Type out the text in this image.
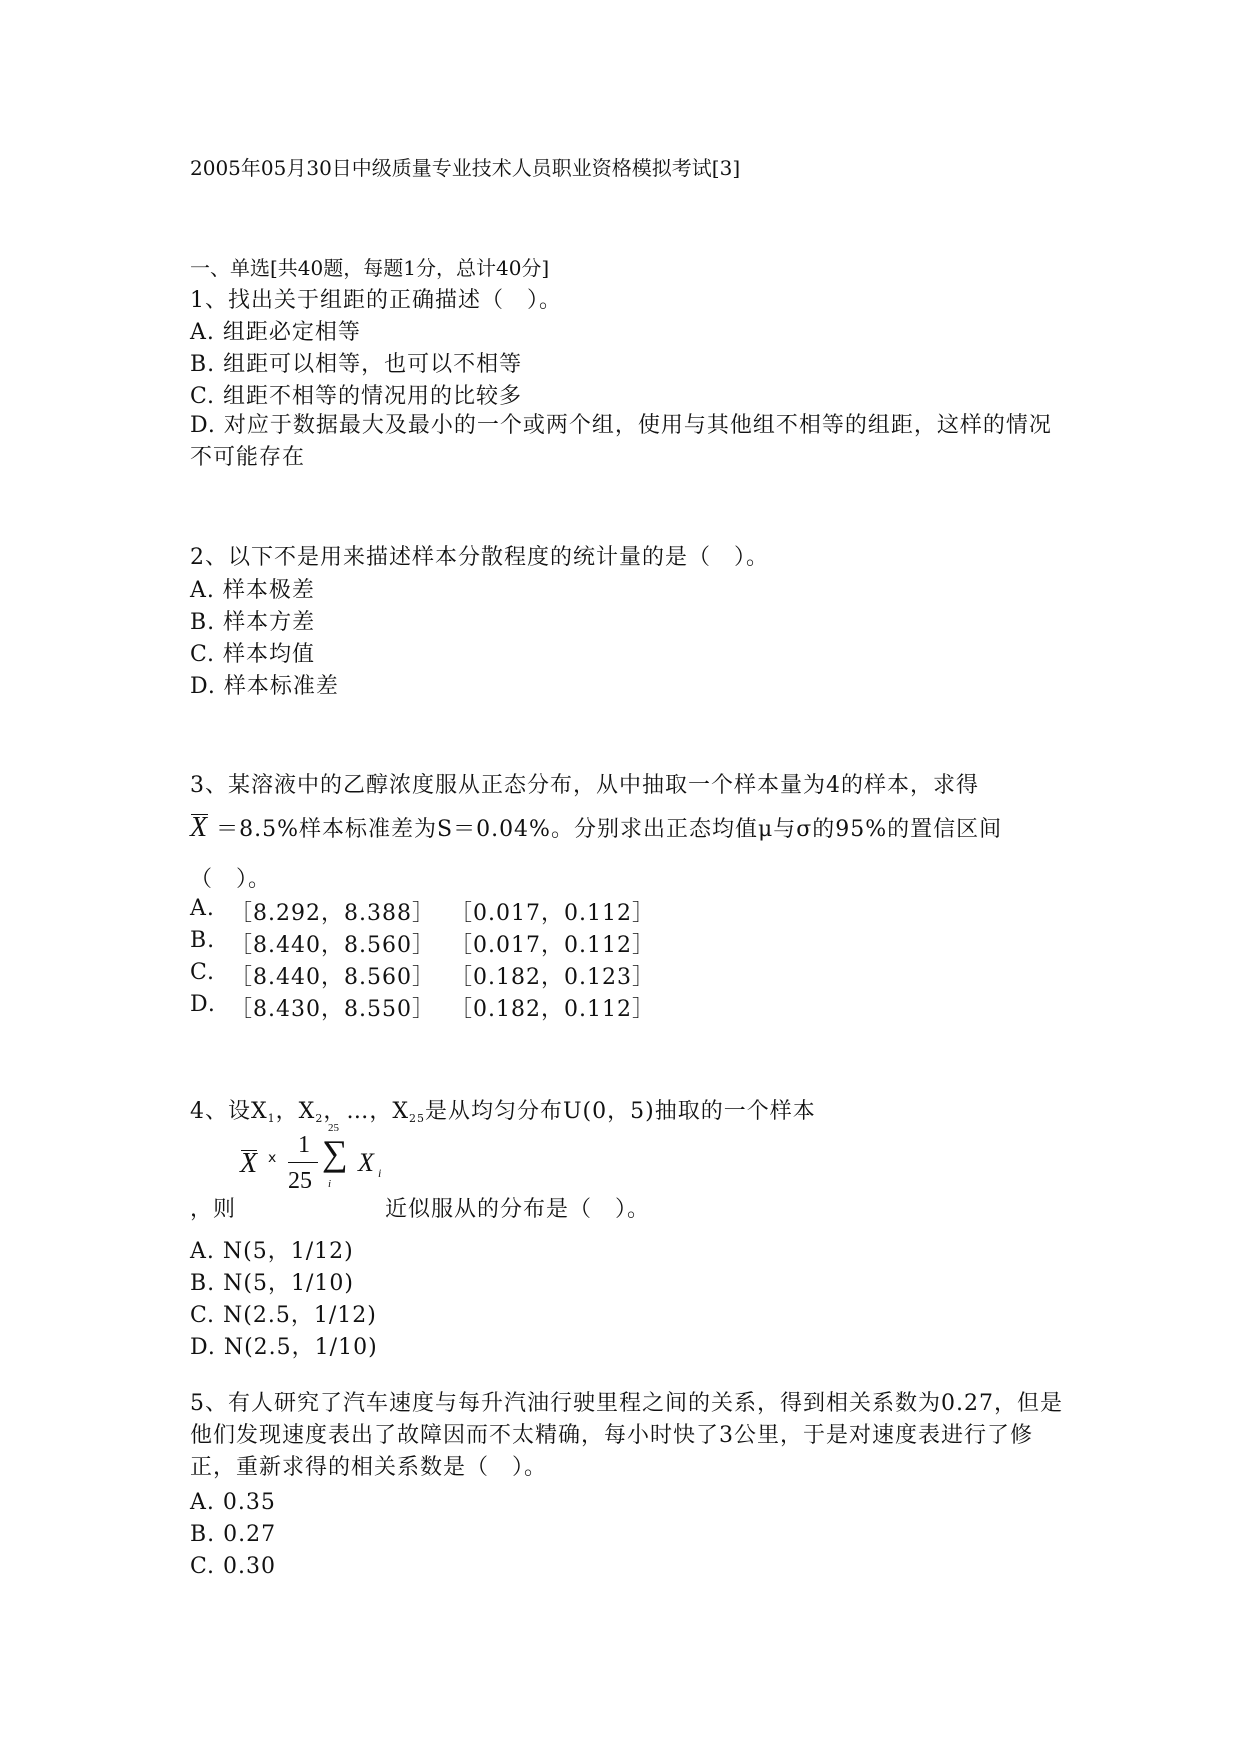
2005年05月30日中级质量专业技术人员职业资格模拟考试[3]
一、单选[共40题，每题1分，总计40分]
1、找出关于组距的正确描述（　）。
A. 组距必定相等
B. 组距可以相等，也可以不相等
C. 组距不相等的情况用的比较多
D. 对应于数据最大及最小的一个或两个组，使用与其他组不相等的组距，这样的情况不可能存在
2、以下不是用来描述样本分散程度的统计量的是（　）。
A. 样本极差
B. 样本方差
C. 样本均值
D. 样本标准差
3、某溶液中的乙醇浓度服从正态分布，从中抽取一个样本量为4的样本，求得
X ＝8.5%样本标准差为S＝0.04%。分别求出正态均值μ与σ的95%的置信区间
（　）。
A. ［8.292，8.388］ ［0.017，0.112］
B. ［8.440，8.560］ ［0.017，0.112］
C. ［8.440，8.560］ ［0.182，0.123］
D. ［8.430，8.550］ ［0.182，0.112］
4、设$X_1$，$X_2$，…，$X_{25}$是从均匀分布U(0，5)抽取的一个样本
X ⅹ
1
25
25
∑
i
X i
，则	近似服从的分布是（　）。
A. N(5，1/12)
B. N(5，1/10)
C. N(2.5，1/12)
D. N(2.5，1/10)
5、有人研究了汽车速度与每升汽油行驶里程之间的关系，得到相关系数为0.27，但是他们发现速度表出了故障因而不太精确，每小时快了3公里，于是对速度表进行了修正，重新求得的相关系数是（　）。
A. 0.35
B. 0.27
C. 0.30
